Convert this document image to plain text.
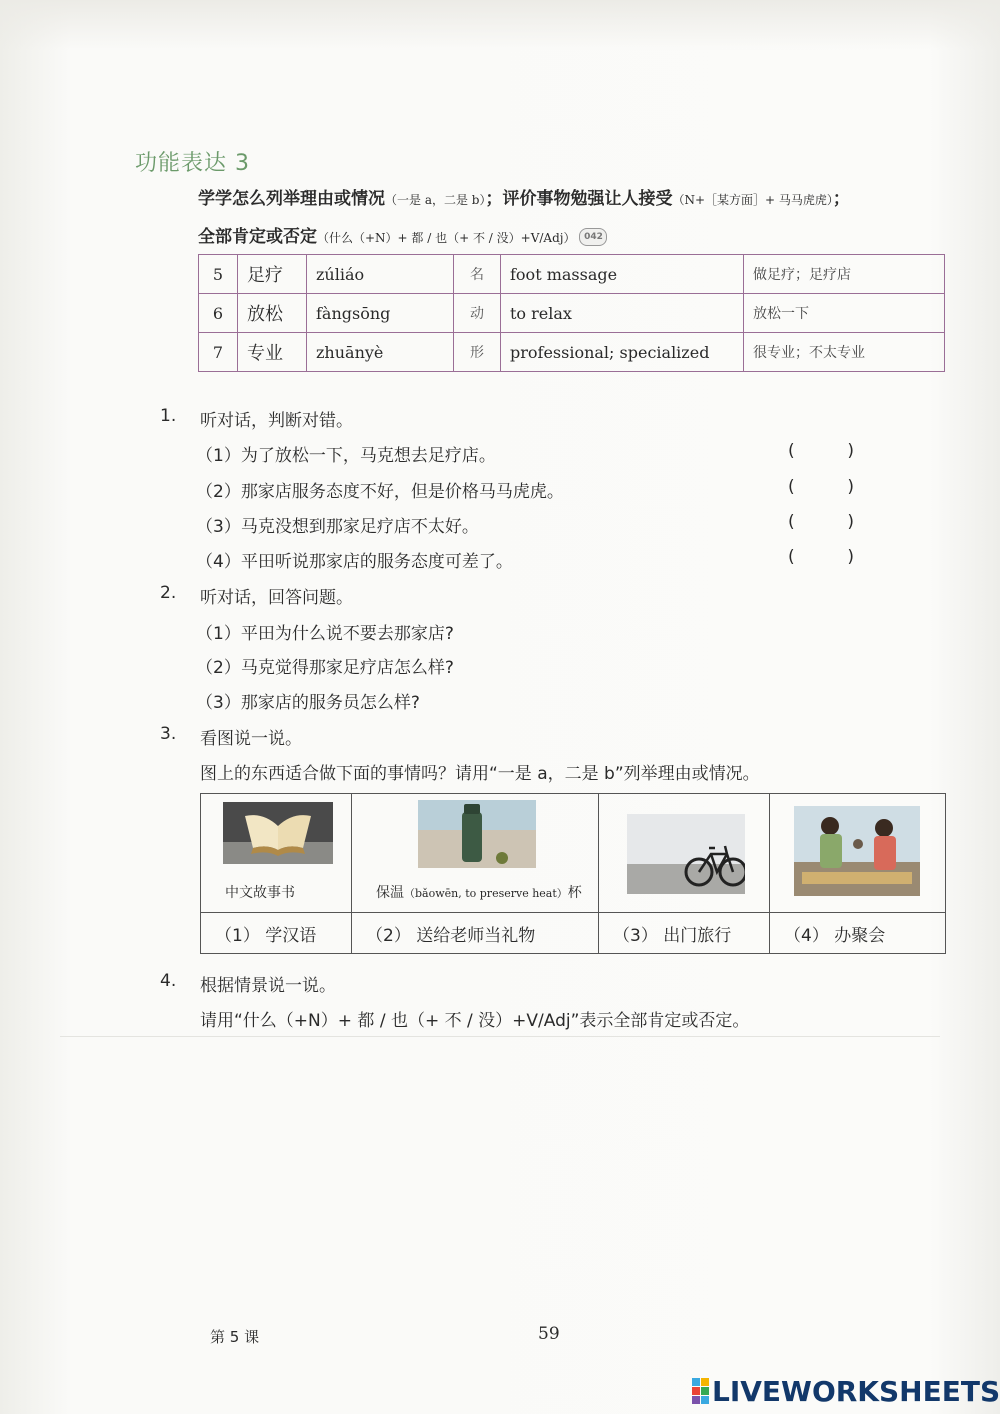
功能表达 3
学学怎么列举理由或情况（一是 a，二是 b）；评价事物勉强让人接受（N+［某方面］+ 马马虎虎）；
全部肯定或否定（什么（+N）+ 都 / 也（+ 不 / 没）+V/Adj） 042
5	足疗	zúliáo	名	foot massage	做足疗；足疗店
6	放松	fàngsōng	动	to relax	放松一下
7	专业	zhuānyè	形	professional; specialized	很专业；不太专业
1. 听对话，判断对错。
（1）为了放松一下，马克想去足疗店。	(	)
（2）那家店服务态度不好，但是价格马马虎虎。	(	)
（3）马克没想到那家足疗店不太好。	(	)
（4）平田听说那家店的服务态度可差了。	(	)
2. 听对话，回答问题。
（1）平田为什么说不要去那家店?
（2）马克觉得那家足疗店怎么样?
（3）那家店的服务员怎么样?
3. 看图说一说。
图上的东西适合做下面的事情吗？请用“一是 a，二是 b”列举理由或情况。
中文故事书	保温（bǎowēn, to preserve heat）杯

（1） 学汉语	（2） 送给老师当礼物	（3） 出门旅行	（4） 办聚会
4. 根据情景说一说。
请用“什么（+N）+ 都 / 也（+ 不 / 没）+V/Adj”表示全部肯定或否定。
第 5 课	59
LIVEWORKSHEETS
